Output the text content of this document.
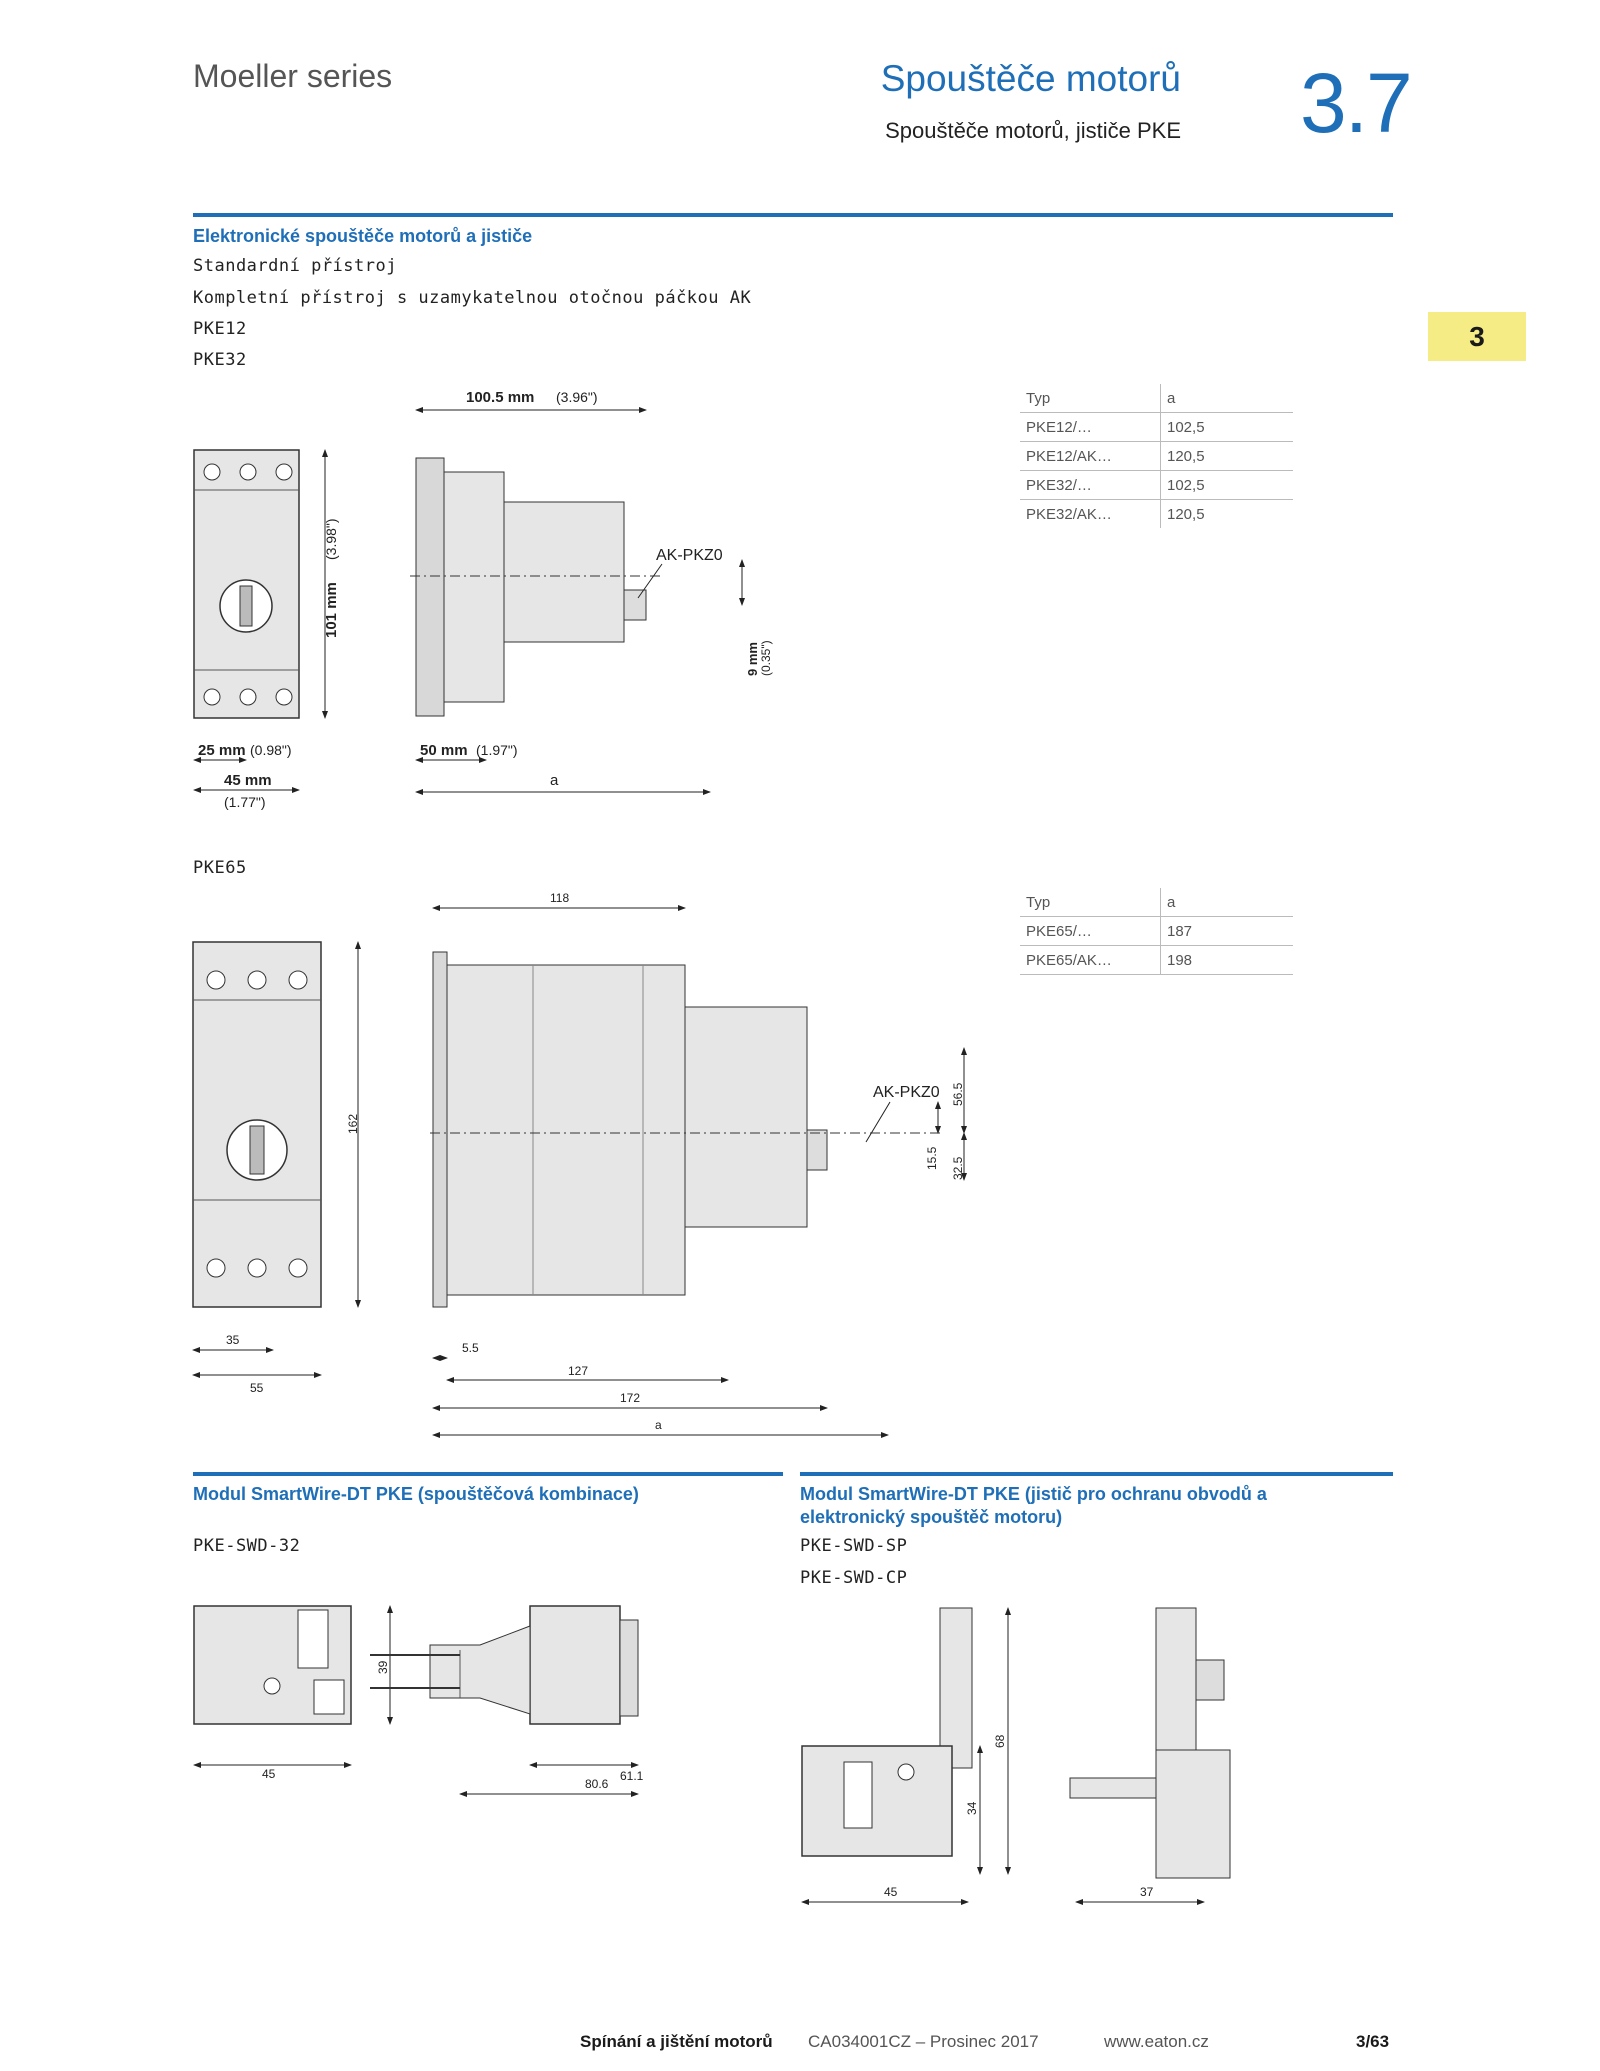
Moeller series	Spouštěče motorů
Spouštěče motorů, jističe PKE 3.7
3
Elektronické spouštěče motorů a jističe
Standardní přístroj
Kompletní přístroj s uzamykatelnou otočnou páčkou AK
PKE12
PKE32
Typ	a
PKE12/…	102,5
PKE12/AK…	120,5
PKE32/…	102,5
PKE32/AK…	120,5
101 mm
(3.98")
25 mm (0.98")
45 mm
(1.77")
100.5 mm (3.96")
AK-PKZ0
9 mm (0.35")
50 mm (1.97")
a
PKE65
Typ	a
PKE65/…	187
PKE65/AK…	198
162
35
55
118
AK-PKZ0 56.5
15.5 32.5
5.5
127
172
a
Modul SmartWire-DT PKE (spouštěčová kombinace)
PKE-SWD-32
39
45	61.1
80.6
Modul SmartWire-DT PKE (jistič pro ochranu obvodů a
elektronický spouštěč motoru)
PKE-SWD-SP
PKE-SWD-CP
68
34
45	37
Spínání a jištění motorů CA034001CZ – Prosinec 2017	www.eaton.cz	3/63
